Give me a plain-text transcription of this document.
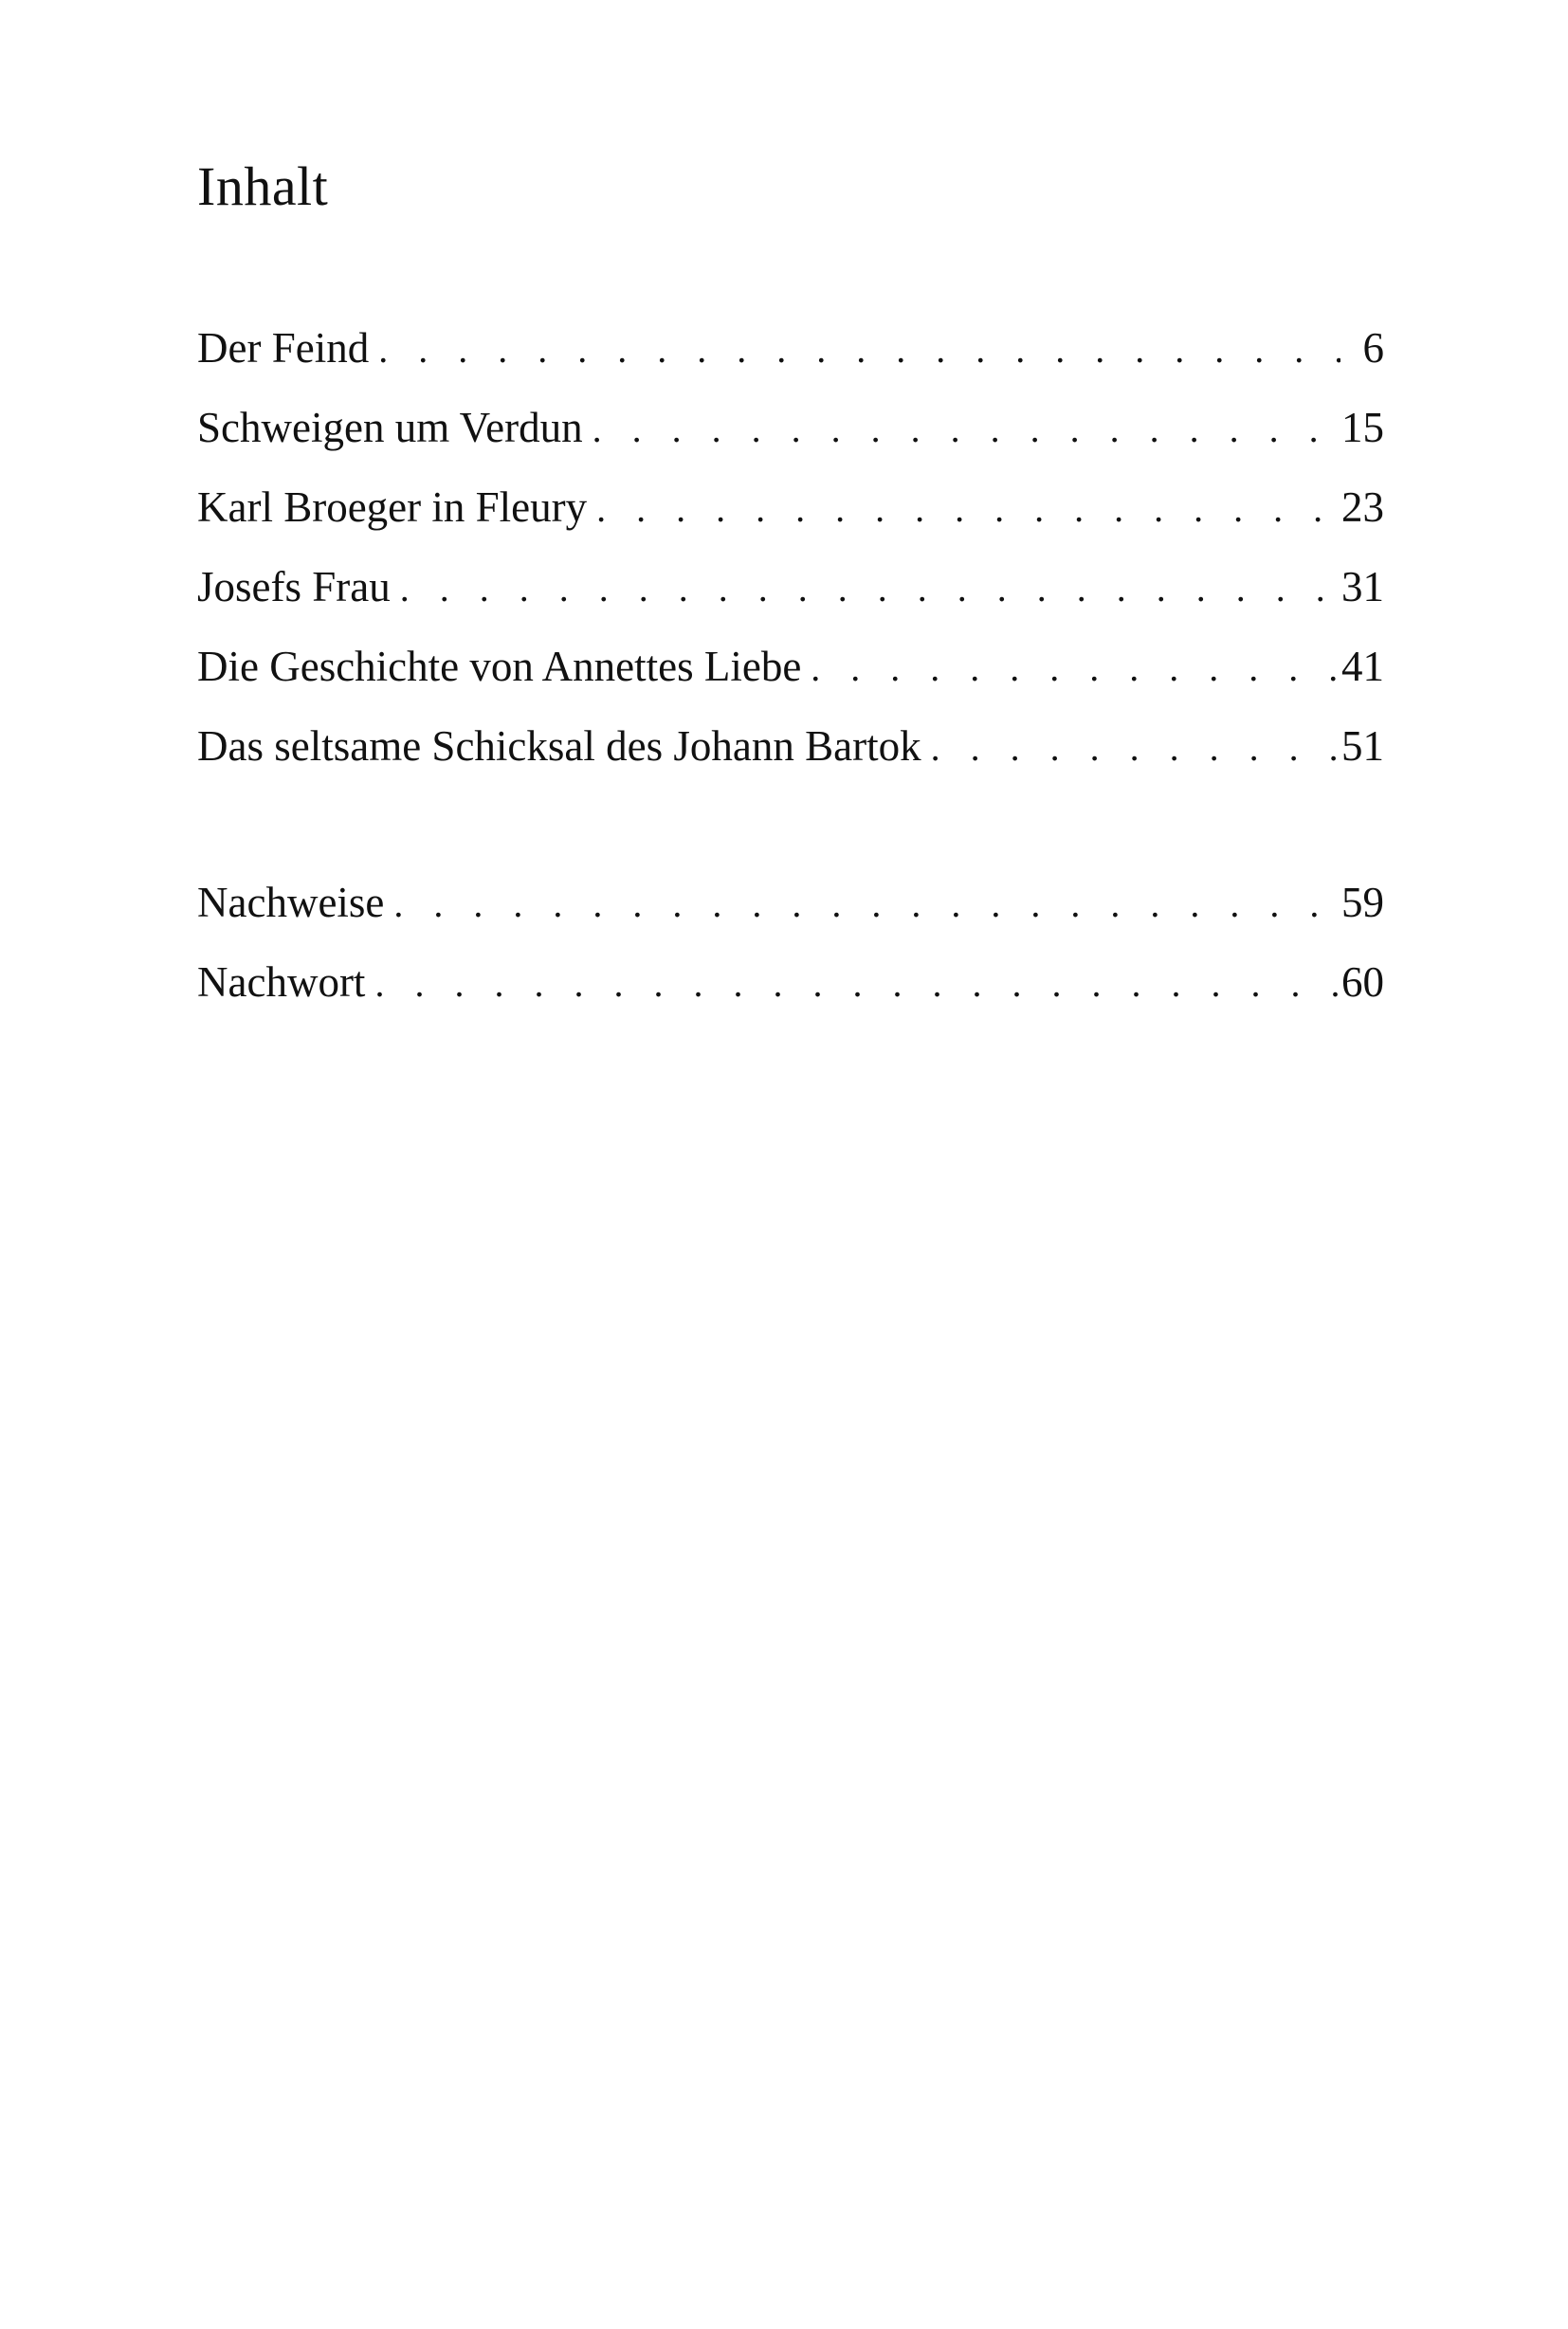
Inhalt
Der Feind . . .	6
Schweigen um Verdun . . .	15
Karl Broeger in Fleury . . .	23
Josefs Frau . . .	31
Die Geschichte von Annettes Liebe . . .	41
Das seltsame Schicksal des Johann Bartok . . .	51
Nachweise . . .	59
Nachwort . . .	60
